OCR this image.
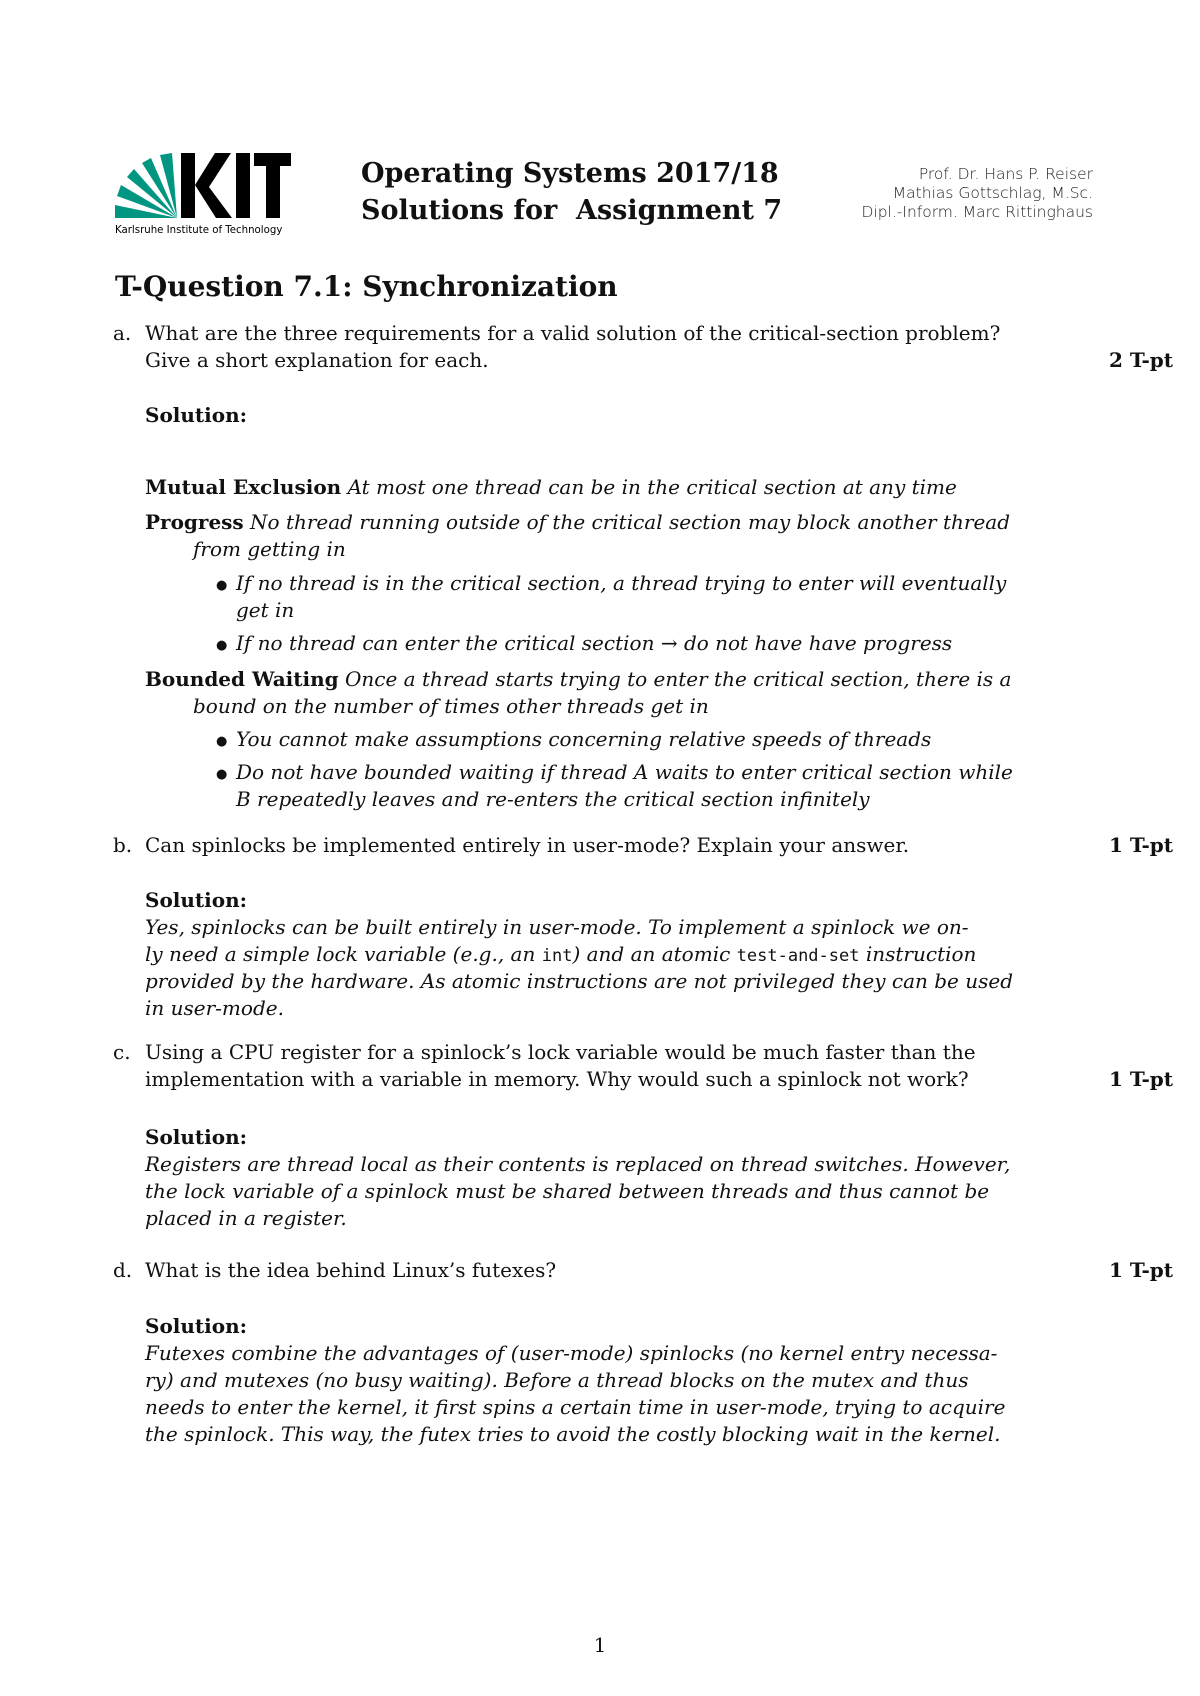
Karlsruhe Institute of Technology
Operating Systems 2017/18
Solutions for  Assignment 7
Prof. Dr. Hans P. Reiser
Mathias Gottschlag, M.Sc.
Dipl.-Inform. Marc Rittinghaus
T-Question 7.1: Synchronization
a. What are the three requirements for a valid solution of the critical-section problem?
Give a short explanation for each.	2 T-pt
Solution:
Mutual Exclusion At most one thread can be in the critical section at any time
Progress No thread running outside of the critical section may block another thread
from getting in
● If no thread is in the critical section, a thread trying to enter will eventually
get in
● If no thread can enter the critical section → do not have have progress
Bounded Waiting Once a thread starts trying to enter the critical section, there is a
bound on the number of times other threads get in
● You cannot make assumptions concerning relative speeds of threads
● Do not have bounded waiting if thread A waits to enter critical section while
B repeatedly leaves and re-enters the critical section infinitely
b. Can spinlocks be implemented entirely in user-mode? Explain your answer.	1 T-pt
Solution:
Yes, spinlocks can be built entirely in user-mode. To implement a spinlock we on-
ly need a simple lock variable (e.g., an int) and an atomic test-and-set instruction
provided by the hardware. As atomic instructions are not privileged they can be used
in user-mode.
c. Using a CPU register for a spinlock’s lock variable would be much faster than the
implementation with a variable in memory. Why would such a spinlock not work?	1 T-pt
Solution:
Registers are thread local as their contents is replaced on thread switches. However,
the lock variable of a spinlock must be shared between threads and thus cannot be
placed in a register.
d. What is the idea behind Linux’s futexes?	1 T-pt
Solution:
Futexes combine the advantages of (user-mode) spinlocks (no kernel entry necessa-
ry) and mutexes (no busy waiting). Before a thread blocks on the mutex and thus
needs to enter the kernel, it first spins a certain time in user-mode, trying to acquire
the spinlock. This way, the futex tries to avoid the costly blocking wait in the kernel.
1
